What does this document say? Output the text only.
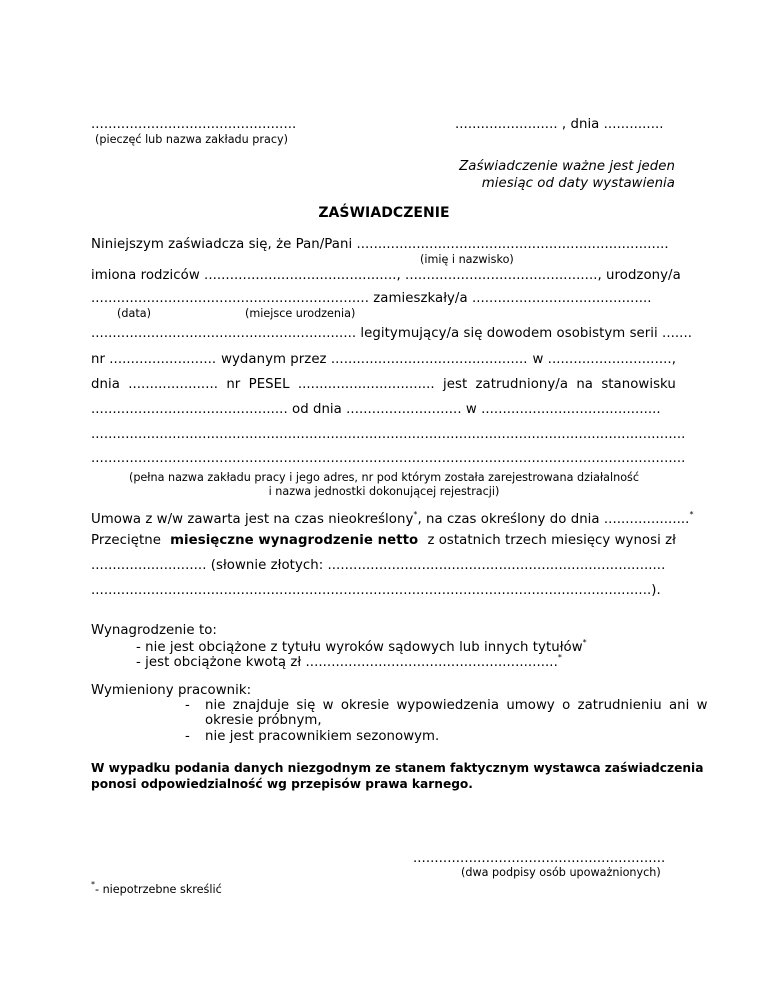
................................................
(pieczęć lub nazwa zakładu pracy)
........................ , dnia ..............
Zaświadczenie ważne jest jeden
miesiąc od daty wystawienia
ZAŚWIADCZENIE
Niniejszym zaświadcza się, że Pan/Pani .........................................................................
(imię i nazwisko)
imiona rodziców ............................................., ............................................., urodzony/a
................................................................. zamieszkały/a ..........................................
(data)	(miejsce urodzenia)
.............................................................. legitymujący/a się dowodem osobistym serii .......
nr ......................... wydanym przez .............................................. w .............................,
dnia ..................... nr PESEL ................................ jest zatrudniony/a na stanowisku
.............................................. od dnia ........................... w ..........................................
...........................................................................................................................................
...........................................................................................................................................
(pełna nazwa zakładu pracy i jego adres, nr pod którym została zarejestrowana działalność
i nazwa jednostki dokonującej rejestracji)
Umowa z w/w zawarta jest na czas nieokreślony*, na czas określony do dnia ....................*
Przeciętne miesięczne wynagrodzenie netto z ostatnich trzech miesięcy wynosi zł
........................... (słownie złotych: ...............................................................................
...................................................................................................................................).
Wynagrodzenie to:
- nie jest obciążone z tytułu wyroków sądowych lub innych tytułów*
- jest obciążone kwotą zł ...........................................................*
Wymieniony pracownik:
- nie znajduje się w okresie wypowiedzenia umowy o zatrudnieniu ani w
okresie próbnym,
- nie jest pracownikiem sezonowym.
W wypadku podania danych niezgodnym ze stanem faktycznym wystawca zaświadczenia
ponosi odpowiedzialność wg przepisów prawa karnego.
...........................................................
(dwa podpisy osób upoważnionych)
*- niepotrzebne skreślić
